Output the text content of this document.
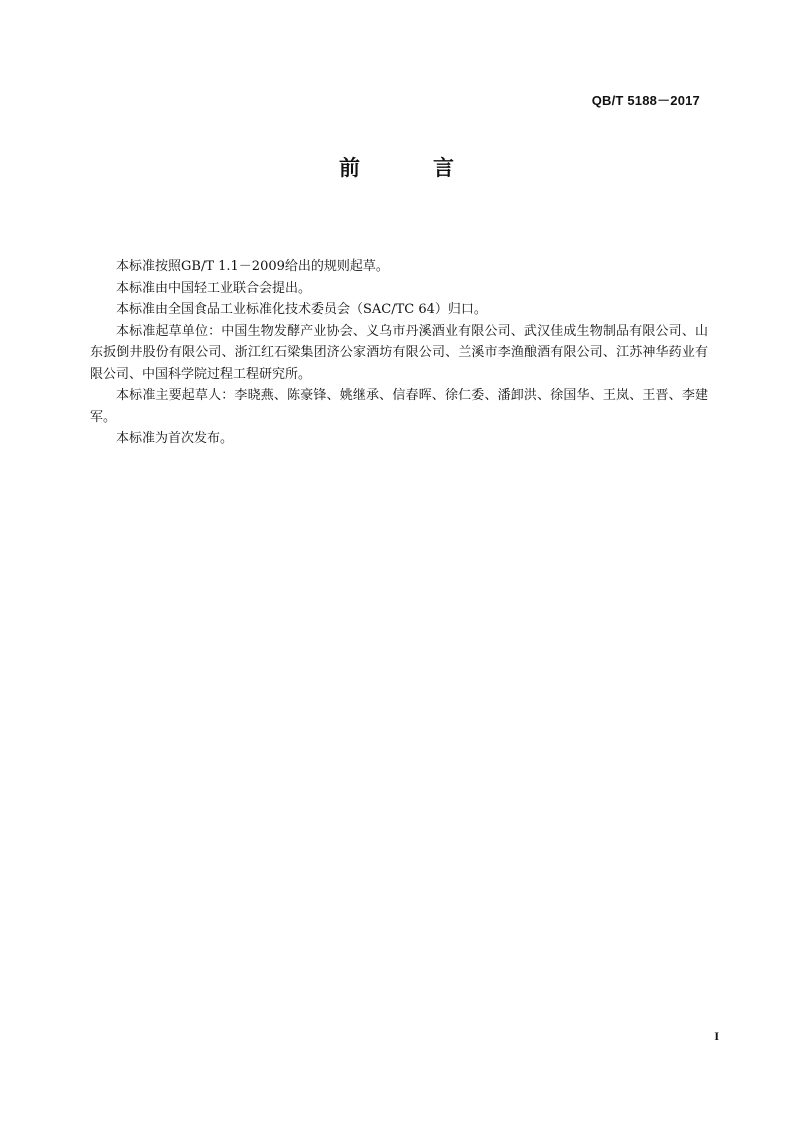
QB/T 5188－2017
前　言

本标准按照GB/T 1.1－2009给出的规则起草。

本标准由中国轻工业联合会提出。

本标准由全国食品工业标准化技术委员会（SAC/TC 64）归口。

本标准起草单位：中国生物发酵产业协会、义乌市丹溪酒业有限公司、武汉佳成生物制品有限公司、山东扳倒井股份有限公司、浙江红石梁集团济公家酒坊有限公司、兰溪市李渔酿酒有限公司、江苏神华药业有限公司、中国科学院过程工程研究所。

本标准主要起草人：李晓燕、陈豪锋、姚继承、信春晖、徐仁委、潘卸洪、徐国华、王岚、王晋、李建军。

本标准为首次发布。

I
